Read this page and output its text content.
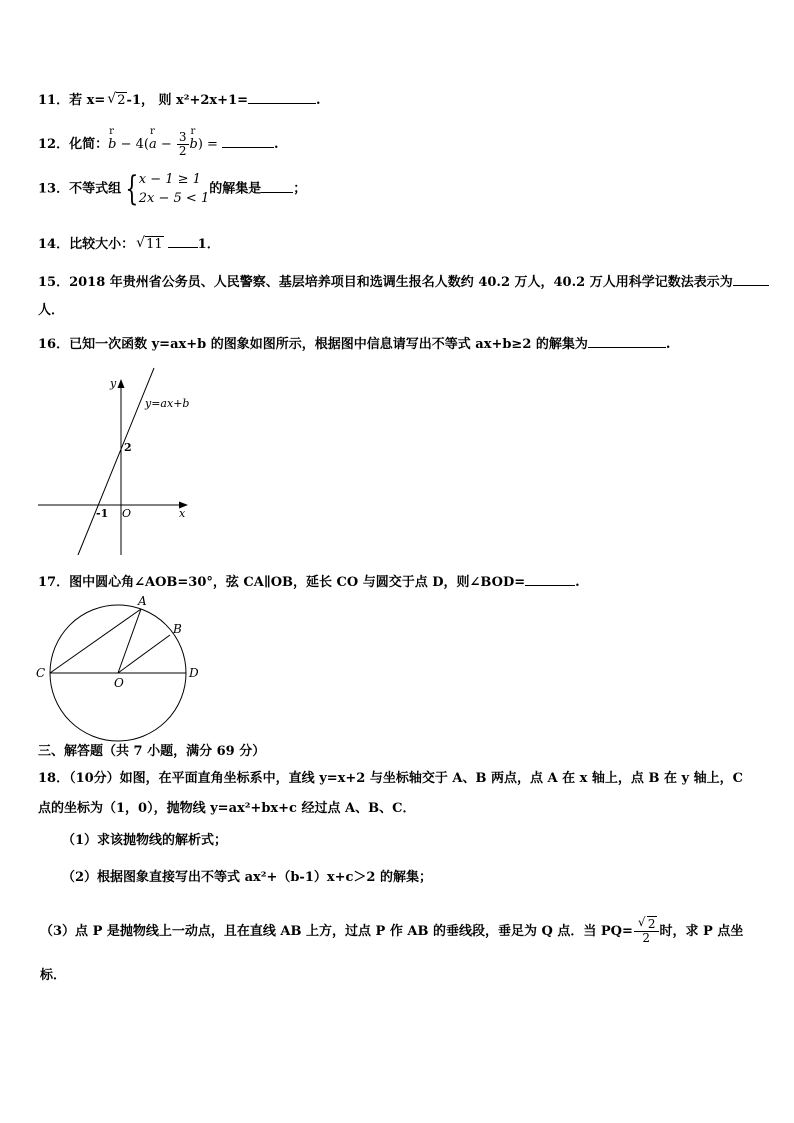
11．若 x= √ 2-1， 则 x²+2x+1=	.
12．化简：r b − 4(r $a - \frac{3}{2}$
r b) =	.
13．不等式组 { x − 1 ≥ 1
2x − 5 < 1
的解集是 ；
14．比较大小： √ 11	1．
15．2018 年贵州省公务员、人民警察、基层培养项目和选调生报名人数约 40.2 万人，40.2 万人用科学记数法表示为
人．
16．已知一次函数 y=ax+b 的图象如图所示，根据图中信息请写出不等式 ax+b≥2 的解集为	.
y
x
O
y=ax+b
2
-1
17．图中圆心角∠AOB=30°，弦 CA∥OB，延长 CO 与圆交于点 D，则∠BOD=	.
A
B
C	D
O
三、解答题（共 7 小题，满分 69 分）
18．（10分）如图，在平面直角坐标系中，直线 y=x+2 与坐标轴交于 A、B 两点，点 A 在 x 轴上，点 B 在 y 轴上，C
点的坐标为（1，0），抛物线 y=ax²+bx+c 经过点 A、B、C．
（1）求该抛物线的解析式；
（2）根据图象直接写出不等式 ax²+（b-1）x+c＞2 的解集；
（3）点 P 是抛物线上一动点，且在直线 AB 上方，过点 P 作 AB 的垂线段，垂足为 Q 点．当 $PQ= \frac{√ 2}{2}$ 时，求 P 点坐
标．
